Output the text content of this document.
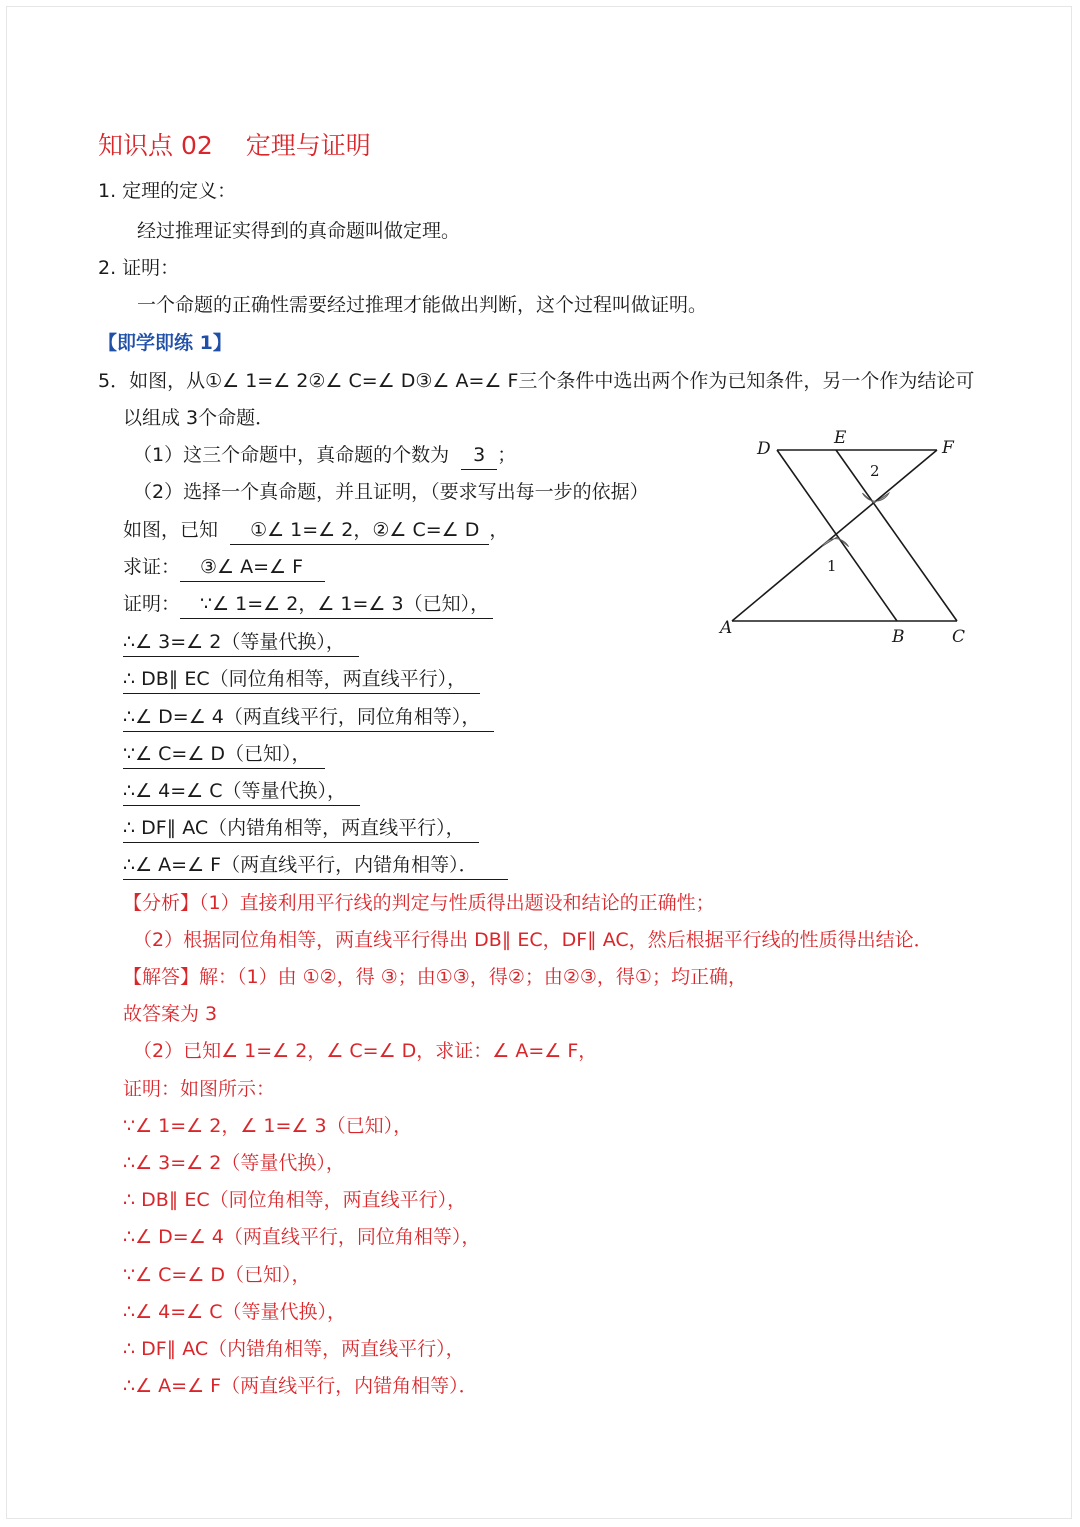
知识点 02　 定理与证明
1. 定理的定义：
经过推理证实得到的真命题叫做定理。
2. 证明：
一个命题的正确性需要经过推理才能做出判断，这个过程叫做证明。
【即学即练 1】
5．如图，从①∠ 1=∠ 2②∠ C=∠ D③∠ A=∠ F三个条件中选出两个作为已知条件，另一个作为结论可
以组成 3个命题．
（1）这三个命题中，真命题的个数为 3 ；
（2）选择一个真命题，并且证明，（要求写出每一步的依据）
如图，已知 ①∠ 1=∠ 2，②∠ C=∠ D ，
求证： ③∠ A=∠ F
证明： ∵∠ 1=∠ 2，∠ 1=∠ 3（已知），
∴∠ 3=∠ 2（等量代换），
∴ DB∥ EC（同位角相等，两直线平行），
∴∠ D=∠ 4（两直线平行，同位角相等），
∵∠ C=∠ D（已知），
∴∠ 4=∠ C（等量代换），
∴ DF∥ AC（内错角相等，两直线平行），
∴∠ A=∠ F（两直线平行，内错角相等）．
D
E	F
A	B	C
1
2
【分析】（1）直接利用平行线的判定与性质得出题设和结论的正确性；
（2）根据同位角相等，两直线平行得出 DB∥ EC，DF∥ AC，然后根据平行线的性质得出结论．
【解答】解：（1）由 ①②，得 ③；由①③，得②；由②③，得①；均正确，
故答案为 3
（2）已知∠ 1=∠ 2，∠ C=∠ D，求证：∠ A=∠ F，
证明：如图所示：
∵∠ 1=∠ 2，∠ 1=∠ 3（已知），
∴∠ 3=∠ 2（等量代换），
∴ DB∥ EC（同位角相等，两直线平行），
∴∠ D=∠ 4（两直线平行，同位角相等），
∵∠ C=∠ D（已知），
∴∠ 4=∠ C（等量代换），
∴ DF∥ AC（内错角相等，两直线平行），
∴∠ A=∠ F（两直线平行，内错角相等）．
